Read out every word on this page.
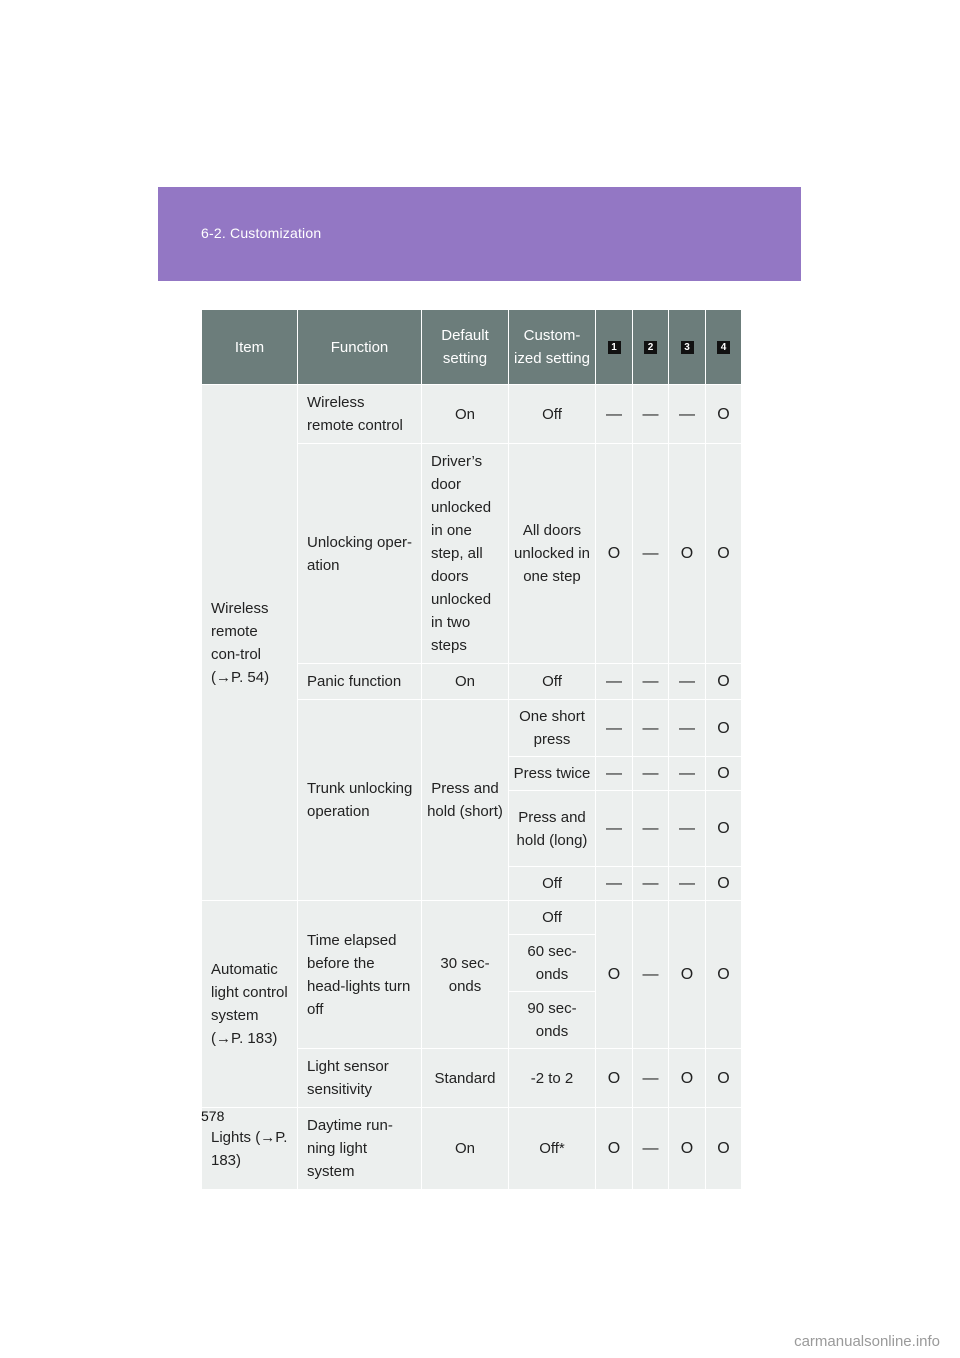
6-2. Customization
Item	Function	Default setting	Custom-ized setting	1	2	3	4
Wireless remote con-trol (→P. 54)	Wireless remote control	On	Off	—	—	—	O
	Unlocking oper-ation	Driver’s door unlocked in one step, all doors unlocked in two steps	All doors unlocked in one step	O	—	O	O
	Panic function	On	Off	—	—	—	O
	Trunk unlocking operation	Press and hold (short)	One short press	—	—	—	O
			Press twice	—	—	—	O
			Press and hold (long)	—	—	—	O
			Off	—	—	—	O
Automatic light control system (→P. 183)	Time elapsed before the head-lights turn off	30 sec-onds	Off	O	—	O	O
			60 sec-onds				
			90 sec-onds				
	Light sensor sensitivity	Standard	-2 to 2	O	—	O	O
Lights (→P. 183)	Daytime run-ning light system	On	Off*	O	—	O	O
578
carmanualsonline.info
